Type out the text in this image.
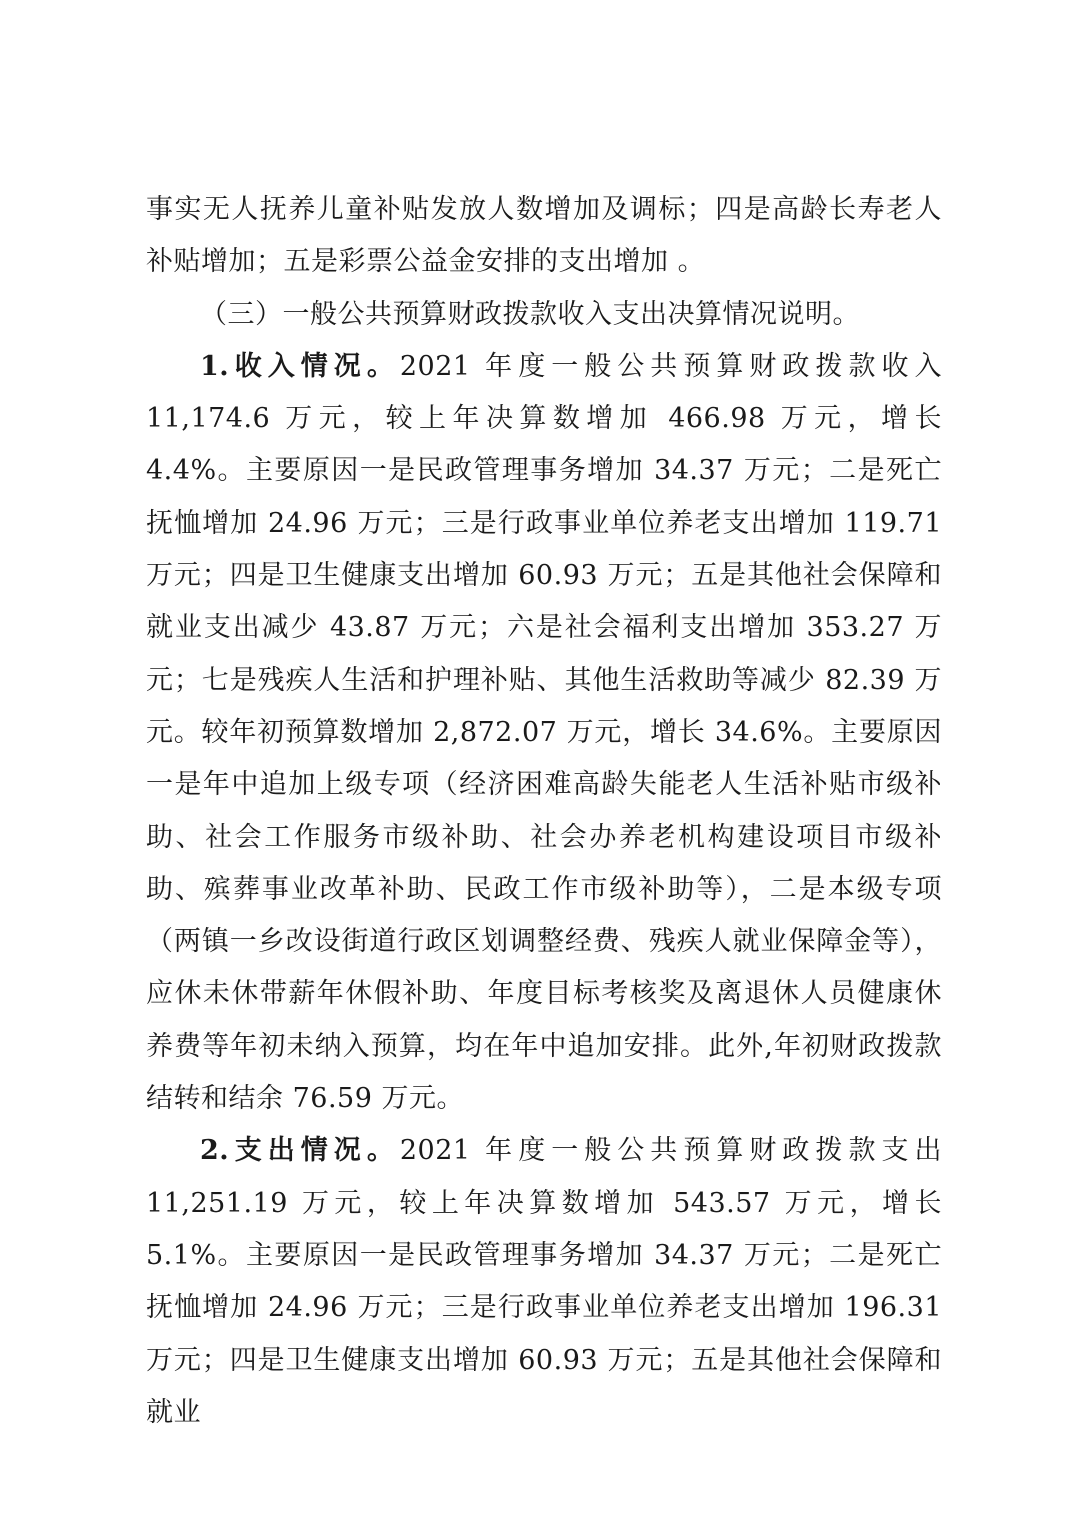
事实无人抚养儿童补贴发放人数增加及调标；四是高龄长寿老人补贴增加；五是彩票公益金安排的支出增加 。

（三）一般公共预算财政拨款收入支出决算情况说明。

1.收入情况。2021 年度一般公共预算财政拨款收入 11,174.6 万元，较上年决算数增加 466.98 万元，增长 4.4%。主要原因一是民政管理事务增加 34.37 万元；二是死亡抚恤增加 24.96 万元；三是行政事业单位养老支出增加 119.71 万元；四是卫生健康支出增加 60.93 万元；五是其他社会保障和就业支出减少 43.87 万元；六是社会福利支出增加 353.27 万元；七是残疾人生活和护理补贴、其他生活救助等减少 82.39 万元。较年初预算数增加 2,872.07 万元，增长 34.6%。主要原因一是年中追加上级专项（经济困难高龄失能老人生活补贴市级补助、社会工作服务市级补助、社会办养老机构建设项目市级补助、殡葬事业改革补助、民政工作市级补助等），二是本级专项（两镇一乡改设街道行政区划调整经费、残疾人就业保障金等），应休未休带薪年休假补助、年度目标考核奖及离退休人员健康休养费等年初未纳入预算，均在年中追加安排。此外,年初财政拨款结转和结余 76.59 万元。

2.支出情况。2021 年度一般公共预算财政拨款支出 11,251.19 万元，较上年决算数增加 543.57 万元，增长 5.1%。主要原因一是民政管理事务增加 34.37 万元；二是死亡抚恤增加 24.96 万元；三是行政事业单位养老支出增加 196.31 万元；四是卫生健康支出增加 60.93 万元；五是其他社会保障和就业
